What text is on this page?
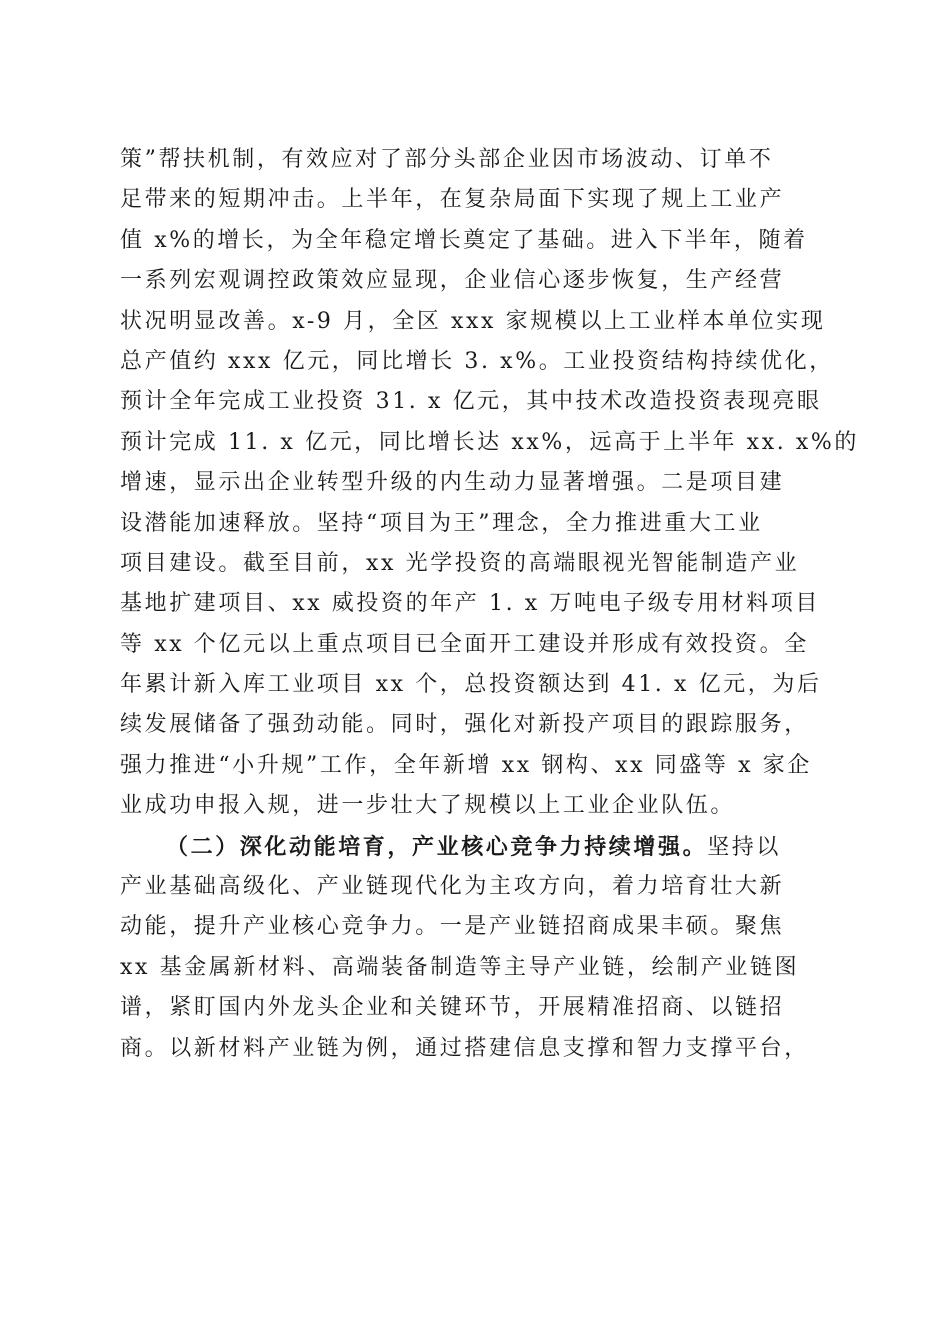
策”帮扶机制，有效应对了部分头部企业因市场波动、订单不
足带来的短期冲击。上半年，在复杂局面下实现了规上工业产
值 x%的增长，为全年稳定增长奠定了基础。进入下半年，随着
一系列宏观调控政策效应显现，企业信心逐步恢复，生产经营
状况明显改善。x-9 月，全区 xxx 家规模以上工业样本单位实现
总产值约 xxx 亿元，同比增长 3. x%。工业投资结构持续优化，
预计全年完成工业投资 31. x 亿元，其中技术改造投资表现亮眼
预计完成 11. x 亿元，同比增长达 xx%，远高于上半年 xx. x%的
增速，显示出企业转型升级的内生动力显著增强。二是项目建
设潜能加速释放。坚持“项目为王”理念，全力推进重大工业
项目建设。截至目前，xx 光学投资的高端眼视光智能制造产业
基地扩建项目、xx 威投资的年产 1. x 万吨电子级专用材料项目
等 xx 个亿元以上重点项目已全面开工建设并形成有效投资。全
年累计新入库工业项目 xx 个，总投资额达到 41. x 亿元，为后
续发展储备了强劲动能。同时，强化对新投产项目的跟踪服务，
强力推进“小升规”工作，全年新增 xx 钢构、xx 同盛等 x 家企
业成功申报入规，进一步壮大了规模以上工业企业队伍。
（二）深化动能培育，产业核心竞争力持续增强。坚持以
产业基础高级化、产业链现代化为主攻方向，着力培育壮大新
动能，提升产业核心竞争力。一是产业链招商成果丰硕。聚焦
xx 基金属新材料、高端装备制造等主导产业链，绘制产业链图
谱，紧盯国内外龙头企业和关键环节，开展精准招商、以链招
商。以新材料产业链为例，通过搭建信息支撑和智力支撑平台，
